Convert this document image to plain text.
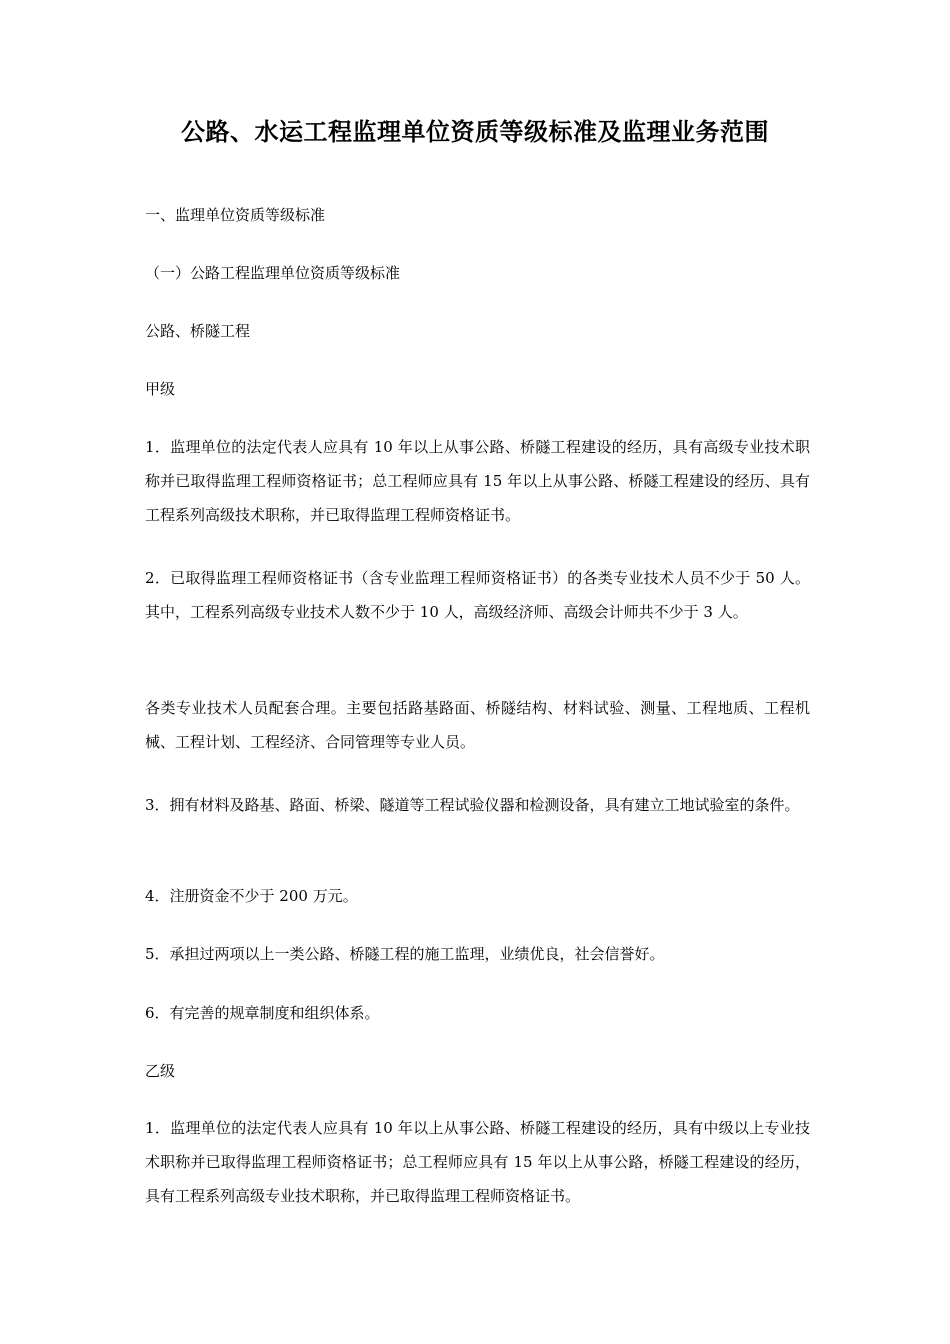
公路、水运工程监理单位资质等级标准及监理业务范围

一、监理单位资质等级标准

（一）公路工程监理单位资质等级标准

公路、桥隧工程

甲级

1．监理单位的法定代表人应具有 10 年以上从事公路、桥隧工程建设的经历，具有高级专业技术职称并已取得监理工程师资格证书；总工程师应具有 15 年以上从事公路、桥隧工程建设的经历、具有工程系列高级技术职称，并已取得监理工程师资格证书。

2．已取得监理工程师资格证书（含专业监理工程师资格证书）的各类专业技术人员不少于 50 人。其中，工程系列高级专业技术人数不少于 10 人，高级经济师、高级会计师共不少于 3 人。

各类专业技术人员配套合理。主要包括路基路面、桥隧结构、材料试验、测量、工程地质、工程机械、工程计划、工程经济、合同管理等专业人员。

3．拥有材料及路基、路面、桥梁、隧道等工程试验仪器和检测设备，具有建立工地试验室的条件。

4．注册资金不少于 200 万元。

5．承担过两项以上一类公路、桥隧工程的施工监理，业绩优良，社会信誉好。

6．有完善的规章制度和组织体系。

乙级

1．监理单位的法定代表人应具有 10 年以上从事公路、桥隧工程建设的经历，具有中级以上专业技术职称并已取得监理工程师资格证书；总工程师应具有 15 年以上从事公路，桥隧工程建设的经历，具有工程系列高级专业技术职称，并已取得监理工程师资格证书。
